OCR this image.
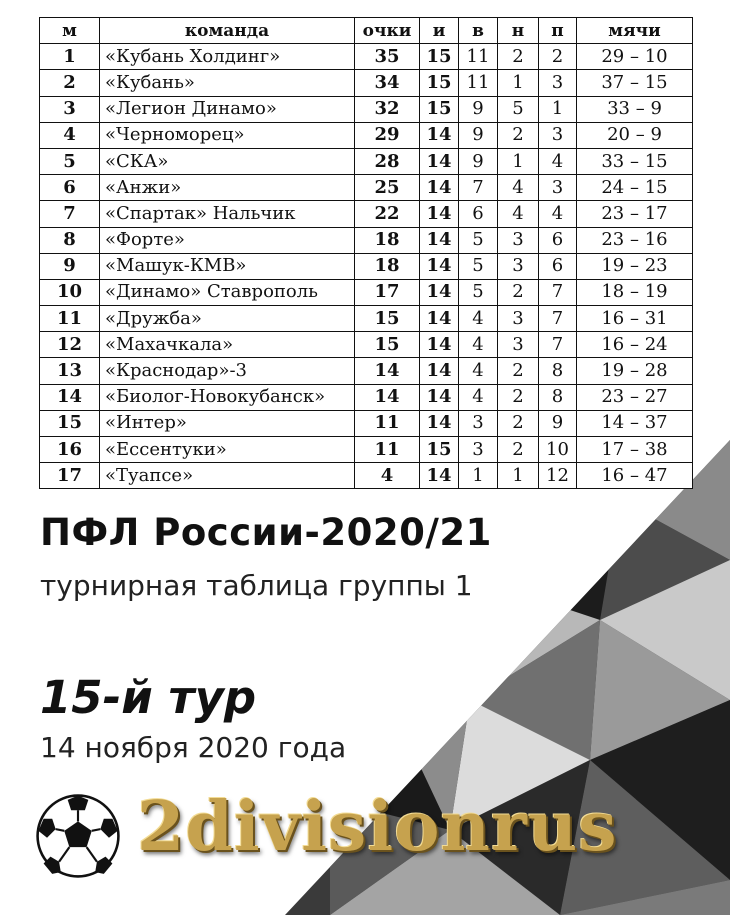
м	команда	очки	и	в	н	п	мячи
1	«Кубань Холдинг»	35	15	11	2	2	29 – 10
2	«Кубань»	34	15	11	1	3	37 – 15
3	«Легион Динамо»	32	15	9	5	1	33 – 9
4	«Черноморец»	29	14	9	2	3	20 – 9
5	«СКА»	28	14	9	1	4	33 – 15
6	«Анжи»	25	14	7	4	3	24 – 15
7	«Спартак» Нальчик	22	14	6	4	4	23 – 17
8	«Форте»	18	14	5	3	6	23 – 16
9	«Машук-КМВ»	18	14	5	3	6	19 – 23
10	«Динамо» Ставрополь	17	14	5	2	7	18 – 19
11	«Дружба»	15	14	4	3	7	16 – 31
12	«Махачкала»	15	14	4	3	7	16 – 24
13	«Краснодар»-3	14	14	4	2	8	19 – 28
14	«Биолог-Новокубанск»	14	14	4	2	8	23 – 27
15	«Интер»	11	14	3	2	9	14 – 37
16	«Ессентуки»	11	15	3	2	10	17 – 38
17	«Туапсе»	4	14	1	1	12	16 – 47
ПФЛ России-2020/21
турнирная таблица группы 1
15-й тур
14 ноября 2020 года
2divisionrus
